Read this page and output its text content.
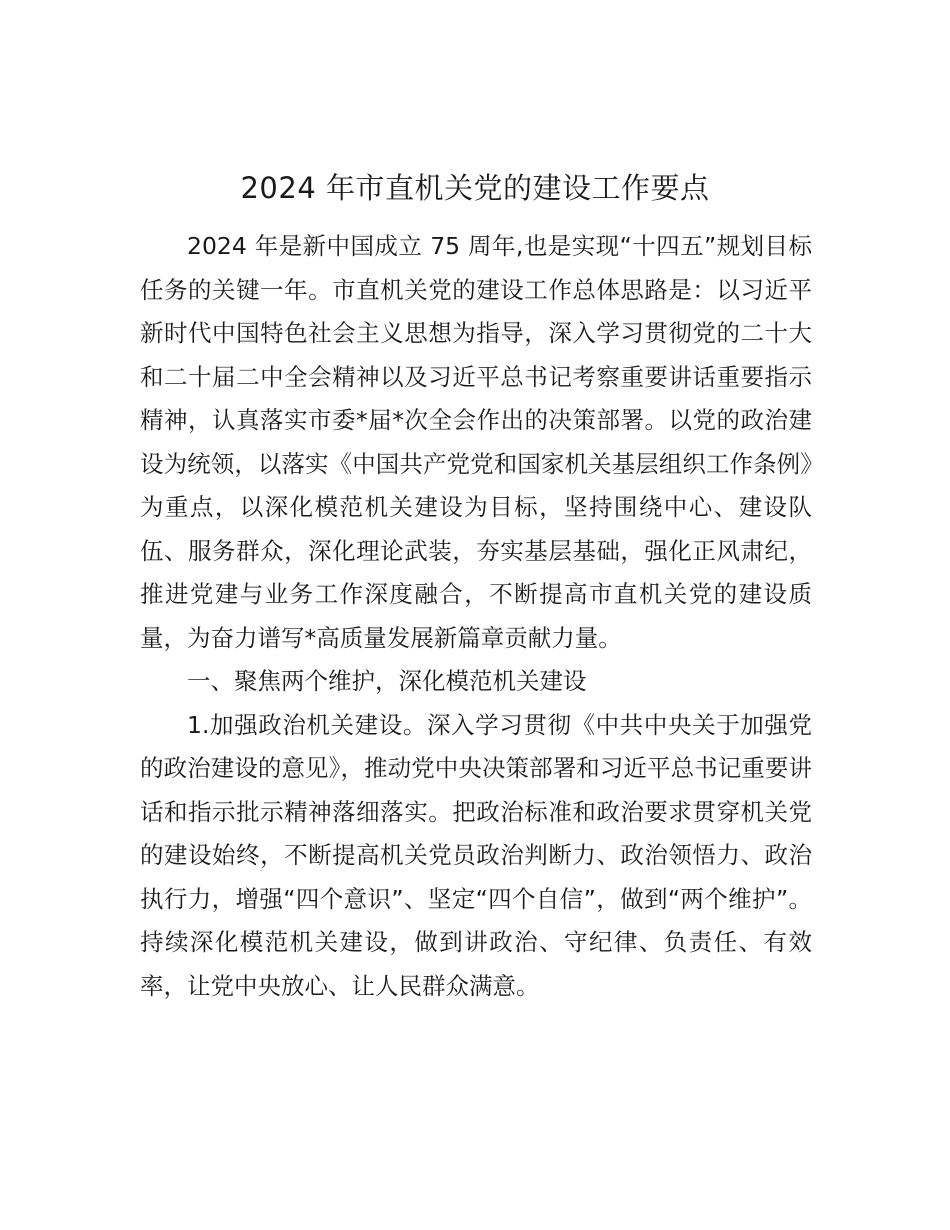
2024 年市直机关党的建设工作要点

2024 年是新中国成立 75 周年,也是实现“十四五”规划目标任务的关键一年。市直机关党的建设工作总体思路是：以习近平新时代中国特色社会主义思想为指导，深入学习贯彻党的二十大和二十届二中全会精神以及习近平总书记考察重要讲话重要指示精神，认真落实市委*届*次全会作出的决策部署。以党的政治建设为统领，以落实《中国共产党党和国家机关基层组织工作条例》为重点，以深化模范机关建设为目标，坚持围绕中心、建设队伍、服务群众，深化理论武装，夯实基层基础，强化正风肃纪，推进党建与业务工作深度融合，不断提高市直机关党的建设质量，为奋力谱写*高质量发展新篇章贡献力量。

一、聚焦两个维护，深化模范机关建设

1.加强政治机关建设。深入学习贯彻《中共中央关于加强党的政治建设的意见》，推动党中央决策部署和习近平总书记重要讲话和指示批示精神落细落实。把政治标准和政治要求贯穿机关党的建设始终，不断提高机关党员政治判断力、政治领悟力、政治执行力，增强“四个意识”、坚定“四个自信”，做到“两个维护”。持续深化模范机关建设，做到讲政治、守纪律、负责任、有效率，让党中央放心、让人民群众满意。
